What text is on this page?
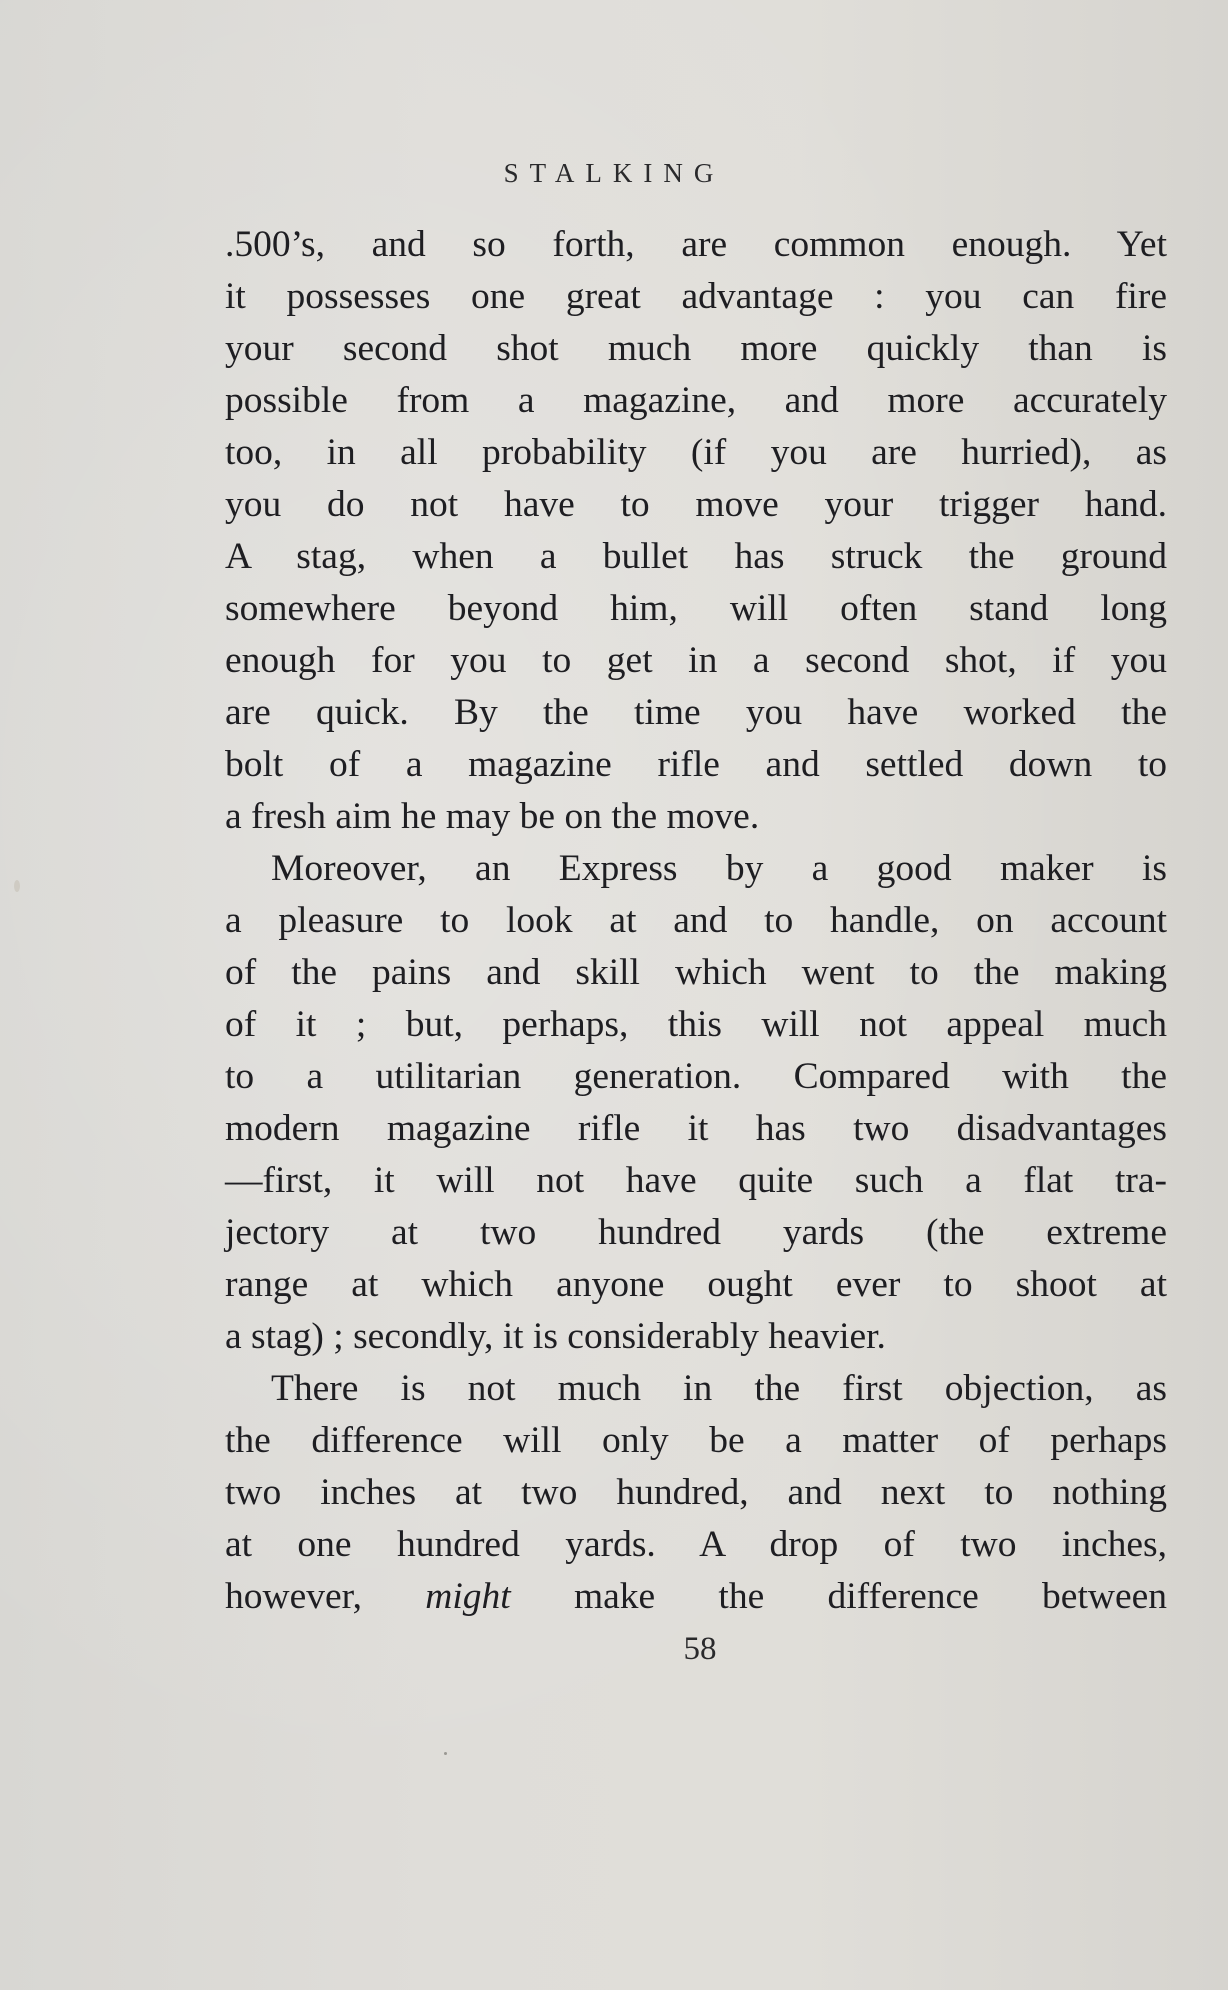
STALKING
.500’s, and so forth, are common enough. Yet
it possesses one great advantage : you can fire
your second shot much more quickly than is
possible from a magazine, and more accurately
too, in all probability (if you are hurried), as
you do not have to move your trigger hand.
A stag, when a bullet has struck the ground
somewhere beyond him, will often stand long
enough for you to get in a second shot, if you
are quick. By the time you have worked the
bolt of a magazine rifle and settled down to
a fresh aim he may be on the move.
Moreover, an Express by a good maker is
a pleasure to look at and to handle, on account
of the pains and skill which went to the making
of it ; but, perhaps, this will not appeal much
to a utilitarian generation. Compared with the
modern magazine rifle it has two disadvantages
—first, it will not have quite such a flat tra-
jectory at two hundred yards (the extreme
range at which anyone ought ever to shoot at
a stag) ; secondly, it is considerably heavier.
There is not much in the first objection, as
the difference will only be a matter of perhaps
two inches at two hundred, and next to nothing
at one hundred yards. A drop of two inches,
however, might make the difference between
58
